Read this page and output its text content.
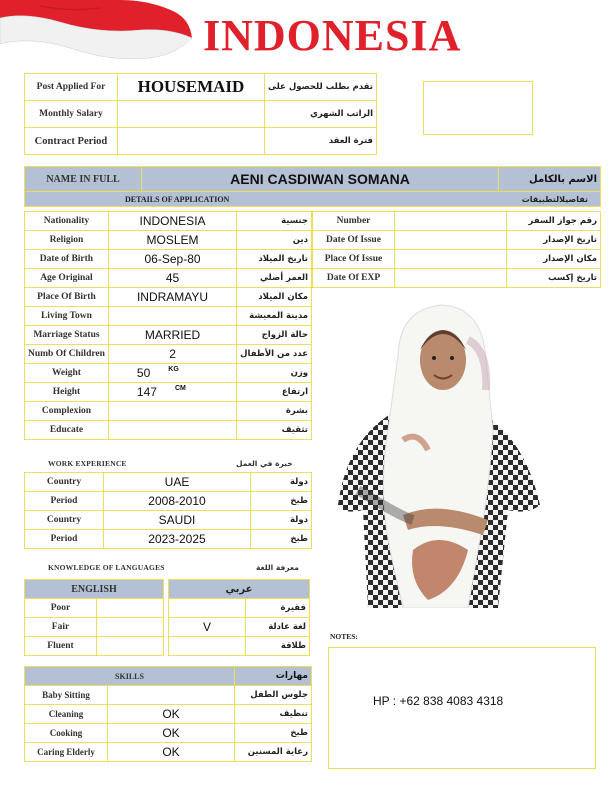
INDONESIA
Post Applied For	HOUSEMAID	تقدم بطلب للحصول على
Monthly Salary		الراتب الشهري
Contract Period		فترة العقد
NAME IN FULL	AENI CASDIWAN SOMANA	الاسم بالكامل

DETAILS OF APPLICATION	تفاصيلالتطبيقات
Nationality	INDONESIA	جنسية
Religion	MOSLEM	دين
Date of Birth	06-Sep-80	تاريخ الميلاد
Age Original	45	العمر أصلي
Place Of Birth	INDRAMAYU	مكان الميلاد
Living Town		مدينة المعيشة
Marriage Status	MARRIED	حالة الزواج
Numb Of Children	2	عدد من الأطفال
Weight	50 $^{KG}$	وزن
Height	147 $^{CM}$	ارتفاع
Complexion		بشرة
Educate		تثقيف
Number		رقم جواز السفر
Date Of Issue		تاريخ الإصدار
Place Of Issue		مكان الإصدار
Date Of EXP		تاريخ إكسب
WORK EXPERIENCE	خبرة في العمل
Country	UAE	دولة
Period	2008-2010	طبخ
Country	SAUDI	دولة
Period	2023-2025	طبخ
KNOWLEDGE OF LANGUAGES	معرفة اللغة
ENGLISH	
Poor	
Fair	
Fluent	
عربي	
	فقيرة
V	لغة عادلة
	طلاقة
SKILLS		مهارات
Baby Sitting		جلوس الطفل
Cleaning	OK	تنظيف
Cooking	OK	طبخ
Caring Elderly	OK	رعاية المسنين
NOTES:
HP : +62 838 4083 4318
